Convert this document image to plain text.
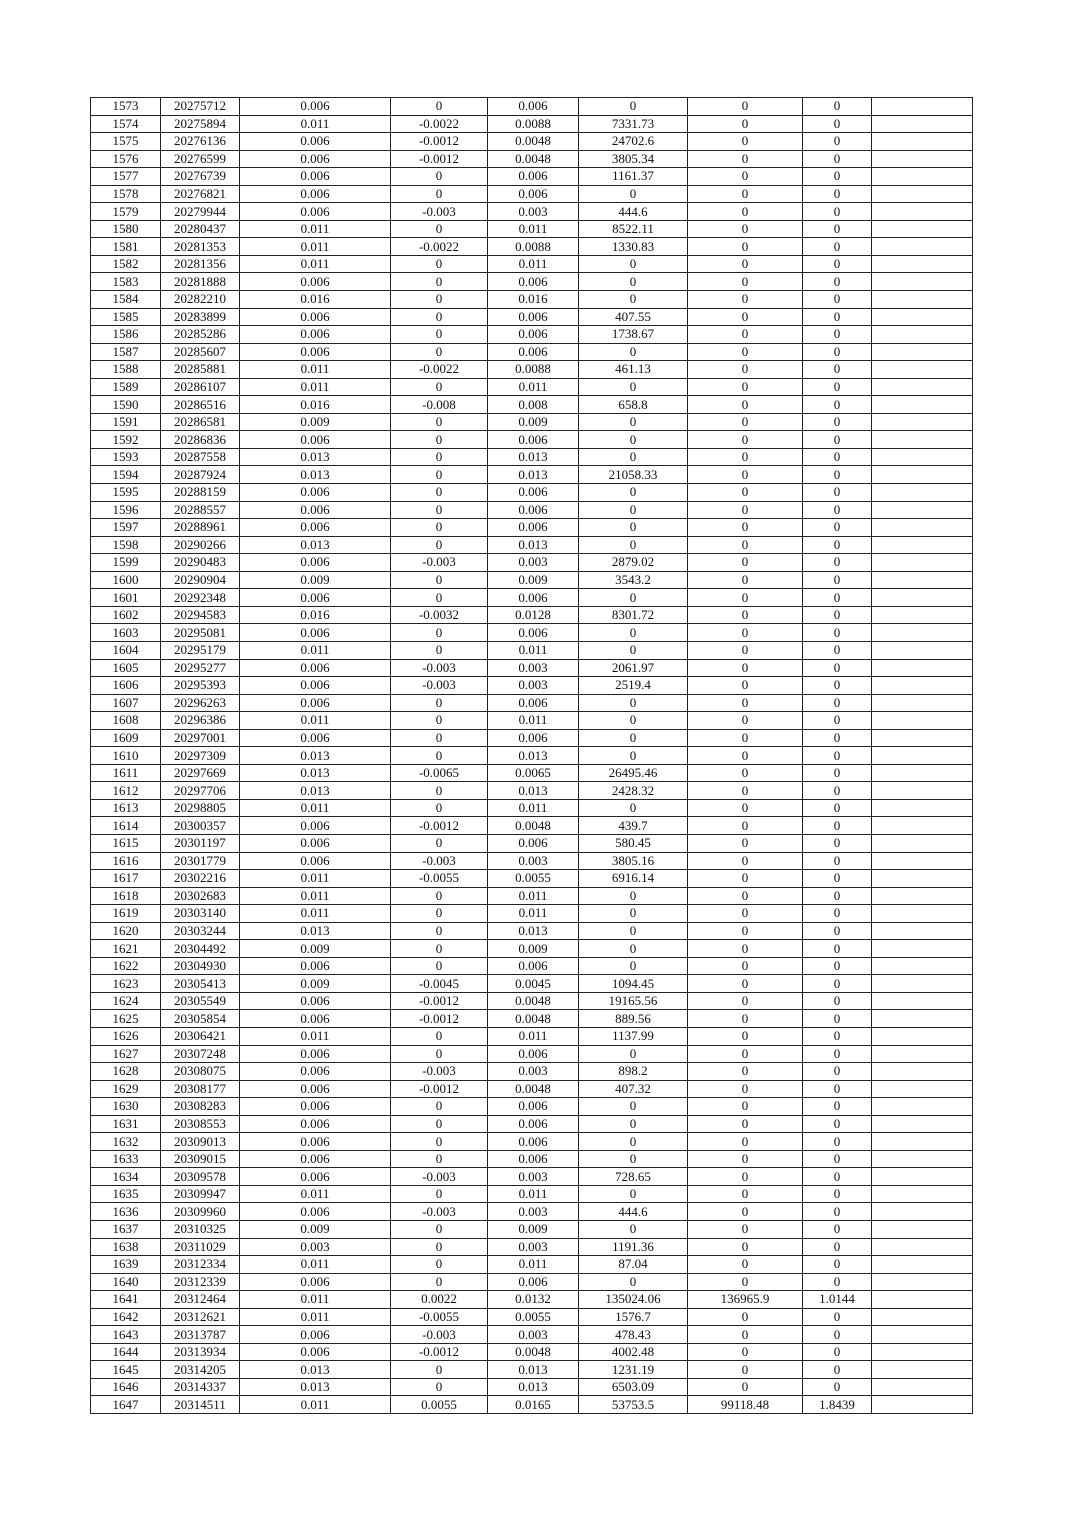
1573	20275712	0.006	0	0.006	0	0	0	
1574	20275894	0.011	-0.0022	0.0088	7331.73	0	0	
1575	20276136	0.006	-0.0012	0.0048	24702.6	0	0	
1576	20276599	0.006	-0.0012	0.0048	3805.34	0	0	
1577	20276739	0.006	0	0.006	1161.37	0	0	
1578	20276821	0.006	0	0.006	0	0	0	
1579	20279944	0.006	-0.003	0.003	444.6	0	0	
1580	20280437	0.011	0	0.011	8522.11	0	0	
1581	20281353	0.011	-0.0022	0.0088	1330.83	0	0	
1582	20281356	0.011	0	0.011	0	0	0	
1583	20281888	0.006	0	0.006	0	0	0	
1584	20282210	0.016	0	0.016	0	0	0	
1585	20283899	0.006	0	0.006	407.55	0	0	
1586	20285286	0.006	0	0.006	1738.67	0	0	
1587	20285607	0.006	0	0.006	0	0	0	
1588	20285881	0.011	-0.0022	0.0088	461.13	0	0	
1589	20286107	0.011	0	0.011	0	0	0	
1590	20286516	0.016	-0.008	0.008	658.8	0	0	
1591	20286581	0.009	0	0.009	0	0	0	
1592	20286836	0.006	0	0.006	0	0	0	
1593	20287558	0.013	0	0.013	0	0	0	
1594	20287924	0.013	0	0.013	21058.33	0	0	
1595	20288159	0.006	0	0.006	0	0	0	
1596	20288557	0.006	0	0.006	0	0	0	
1597	20288961	0.006	0	0.006	0	0	0	
1598	20290266	0.013	0	0.013	0	0	0	
1599	20290483	0.006	-0.003	0.003	2879.02	0	0	
1600	20290904	0.009	0	0.009	3543.2	0	0	
1601	20292348	0.006	0	0.006	0	0	0	
1602	20294583	0.016	-0.0032	0.0128	8301.72	0	0	
1603	20295081	0.006	0	0.006	0	0	0	
1604	20295179	0.011	0	0.011	0	0	0	
1605	20295277	0.006	-0.003	0.003	2061.97	0	0	
1606	20295393	0.006	-0.003	0.003	2519.4	0	0	
1607	20296263	0.006	0	0.006	0	0	0	
1608	20296386	0.011	0	0.011	0	0	0	
1609	20297001	0.006	0	0.006	0	0	0	
1610	20297309	0.013	0	0.013	0	0	0	
1611	20297669	0.013	-0.0065	0.0065	26495.46	0	0	
1612	20297706	0.013	0	0.013	2428.32	0	0	
1613	20298805	0.011	0	0.011	0	0	0	
1614	20300357	0.006	-0.0012	0.0048	439.7	0	0	
1615	20301197	0.006	0	0.006	580.45	0	0	
1616	20301779	0.006	-0.003	0.003	3805.16	0	0	
1617	20302216	0.011	-0.0055	0.0055	6916.14	0	0	
1618	20302683	0.011	0	0.011	0	0	0	
1619	20303140	0.011	0	0.011	0	0	0	
1620	20303244	0.013	0	0.013	0	0	0	
1621	20304492	0.009	0	0.009	0	0	0	
1622	20304930	0.006	0	0.006	0	0	0	
1623	20305413	0.009	-0.0045	0.0045	1094.45	0	0	
1624	20305549	0.006	-0.0012	0.0048	19165.56	0	0	
1625	20305854	0.006	-0.0012	0.0048	889.56	0	0	
1626	20306421	0.011	0	0.011	1137.99	0	0	
1627	20307248	0.006	0	0.006	0	0	0	
1628	20308075	0.006	-0.003	0.003	898.2	0	0	
1629	20308177	0.006	-0.0012	0.0048	407.32	0	0	
1630	20308283	0.006	0	0.006	0	0	0	
1631	20308553	0.006	0	0.006	0	0	0	
1632	20309013	0.006	0	0.006	0	0	0	
1633	20309015	0.006	0	0.006	0	0	0	
1634	20309578	0.006	-0.003	0.003	728.65	0	0	
1635	20309947	0.011	0	0.011	0	0	0	
1636	20309960	0.006	-0.003	0.003	444.6	0	0	
1637	20310325	0.009	0	0.009	0	0	0	
1638	20311029	0.003	0	0.003	1191.36	0	0	
1639	20312334	0.011	0	0.011	87.04	0	0	
1640	20312339	0.006	0	0.006	0	0	0	
1641	20312464	0.011	0.0022	0.0132	135024.06	136965.9	1.0144	
1642	20312621	0.011	-0.0055	0.0055	1576.7	0	0	
1643	20313787	0.006	-0.003	0.003	478.43	0	0	
1644	20313934	0.006	-0.0012	0.0048	4002.48	0	0	
1645	20314205	0.013	0	0.013	1231.19	0	0	
1646	20314337	0.013	0	0.013	6503.09	0	0	
1647	20314511	0.011	0.0055	0.0165	53753.5	99118.48	1.8439	
